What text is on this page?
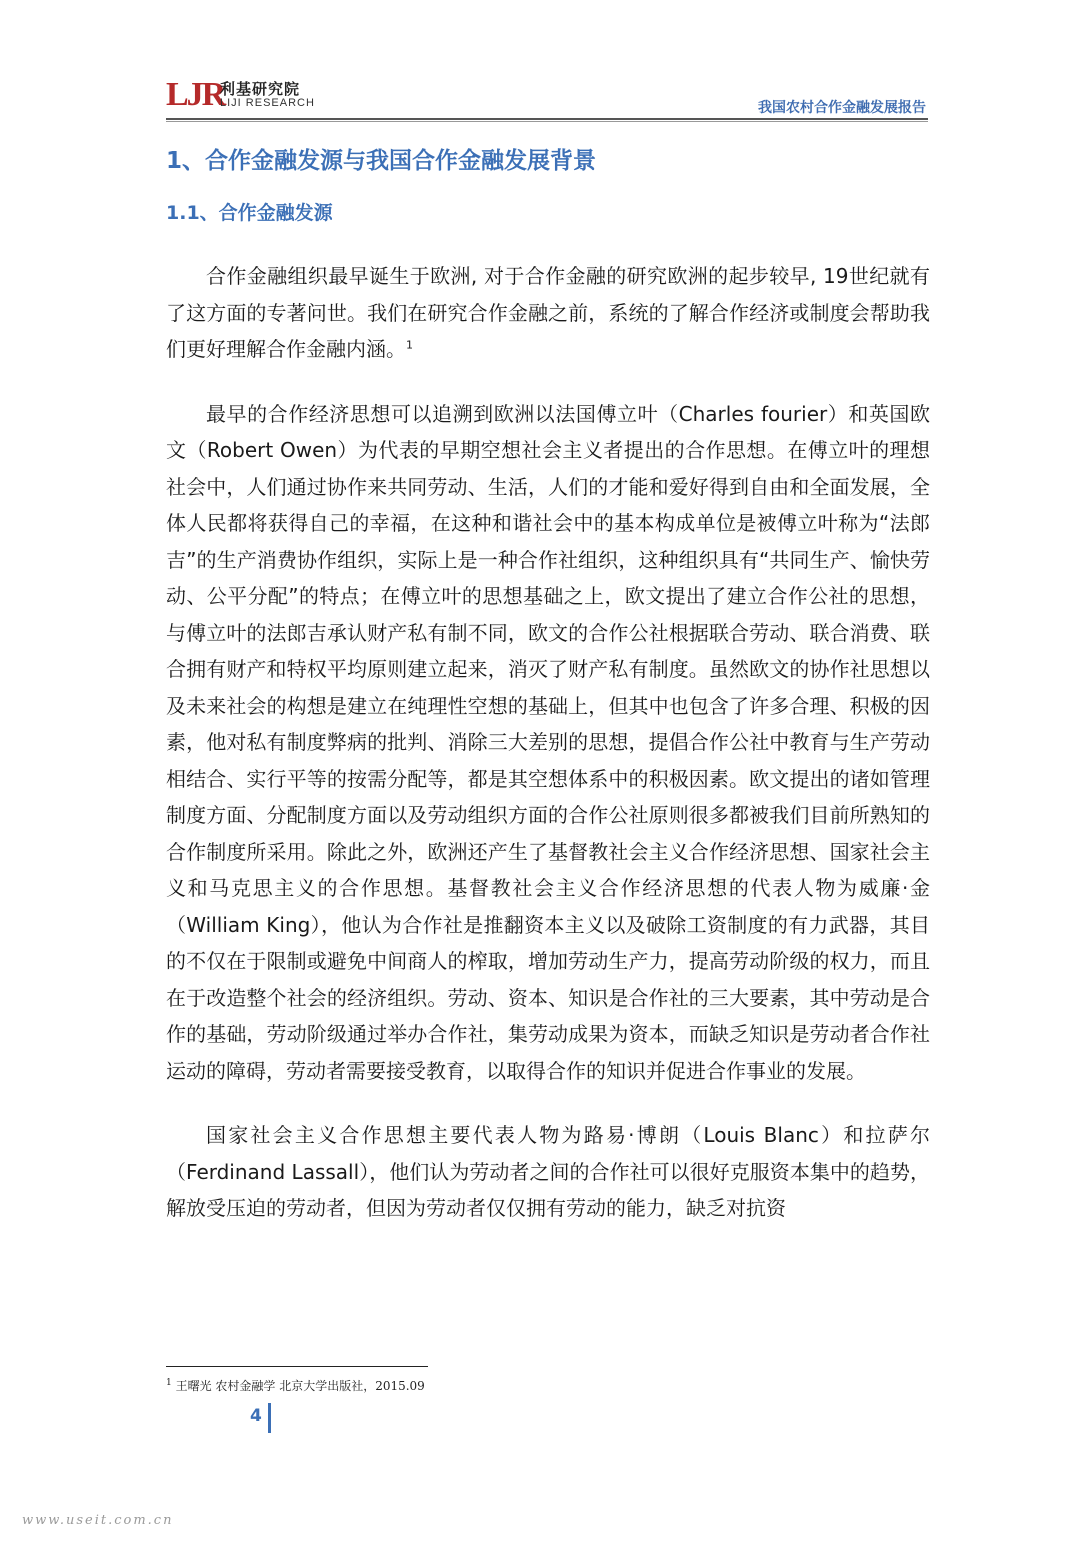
LJR
利基研究院
LIJI RESEARCH	我国农村合作金融发展报告
1、合作金融发源与我国合作金融发展背景
1.1、合作金融发源

合作金融组织最早诞生于欧洲, 对于合作金融的研究欧洲的起步较早, 19世纪就有了这方面的专著问世。我们在研究合作金融之前，系统的了解合作经济或制度会帮助我们更好理解合作金融内涵。$^1$

最早的合作经济思想可以追溯到欧洲以法国傅立叶（Charles fourier）和英国欧文（Robert Owen）为代表的早期空想社会主义者提出的合作思想。在傅立叶的理想社会中，人们通过协作来共同劳动、生活，人们的才能和爱好得到自由和全面发展，全体人民都将获得自己的幸福，在这种和谐社会中的基本构成单位是被傅立叶称为“法郎吉”的生产消费协作组织，实际上是一种合作社组织，这种组织具有“共同生产、愉快劳动、公平分配”的特点；在傅立叶的思想基础之上，欧文提出了建立合作公社的思想，与傅立叶的法郎吉承认财产私有制不同，欧文的合作公社根据联合劳动、联合消费、联合拥有财产和特权平均原则建立起来，消灭了财产私有制度。虽然欧文的协作社思想以及未来社会的构想是建立在纯理性空想的基础上，但其中也包含了许多合理、积极的因素，他对私有制度弊病的批判、消除三大差别的思想，提倡合作公社中教育与生产劳动相结合、实行平等的按需分配等，都是其空想体系中的积极因素。欧文提出的诸如管理制度方面、分配制度方面以及劳动组织方面的合作公社原则很多都被我们目前所熟知的合作制度所采用。除此之外，欧洲还产生了基督教社会主义合作经济思想、国家社会主义和马克思主义的合作思想。基督教社会主义合作经济思想的代表人物为威廉·金（William King），他认为合作社是推翻资本主义以及破除工资制度的有力武器，其目的不仅在于限制或避免中间商人的榨取，增加劳动生产力，提高劳动阶级的权力，而且在于改造整个社会的经济组织。劳动、资本、知识是合作社的三大要素，其中劳动是合作的基础，劳动阶级通过举办合作社，集劳动成果为资本，而缺乏知识是劳动者合作社运动的障碍，劳动者需要接受教育，以取得合作的知识并促进合作事业的发展。

国家社会主义合作思想主要代表人物为路易·博朗（Louis Blanc）和拉萨尔（Ferdinand Lassall），他们认为劳动者之间的合作社可以很好克服资本集中的趋势，解放受压迫的劳动者，但因为劳动者仅仅拥有劳动的能力，缺乏对抗资

$^1$ 王曙光 农村金融学 北京大学出版社，2015.09
4
www.useit.com.cn
